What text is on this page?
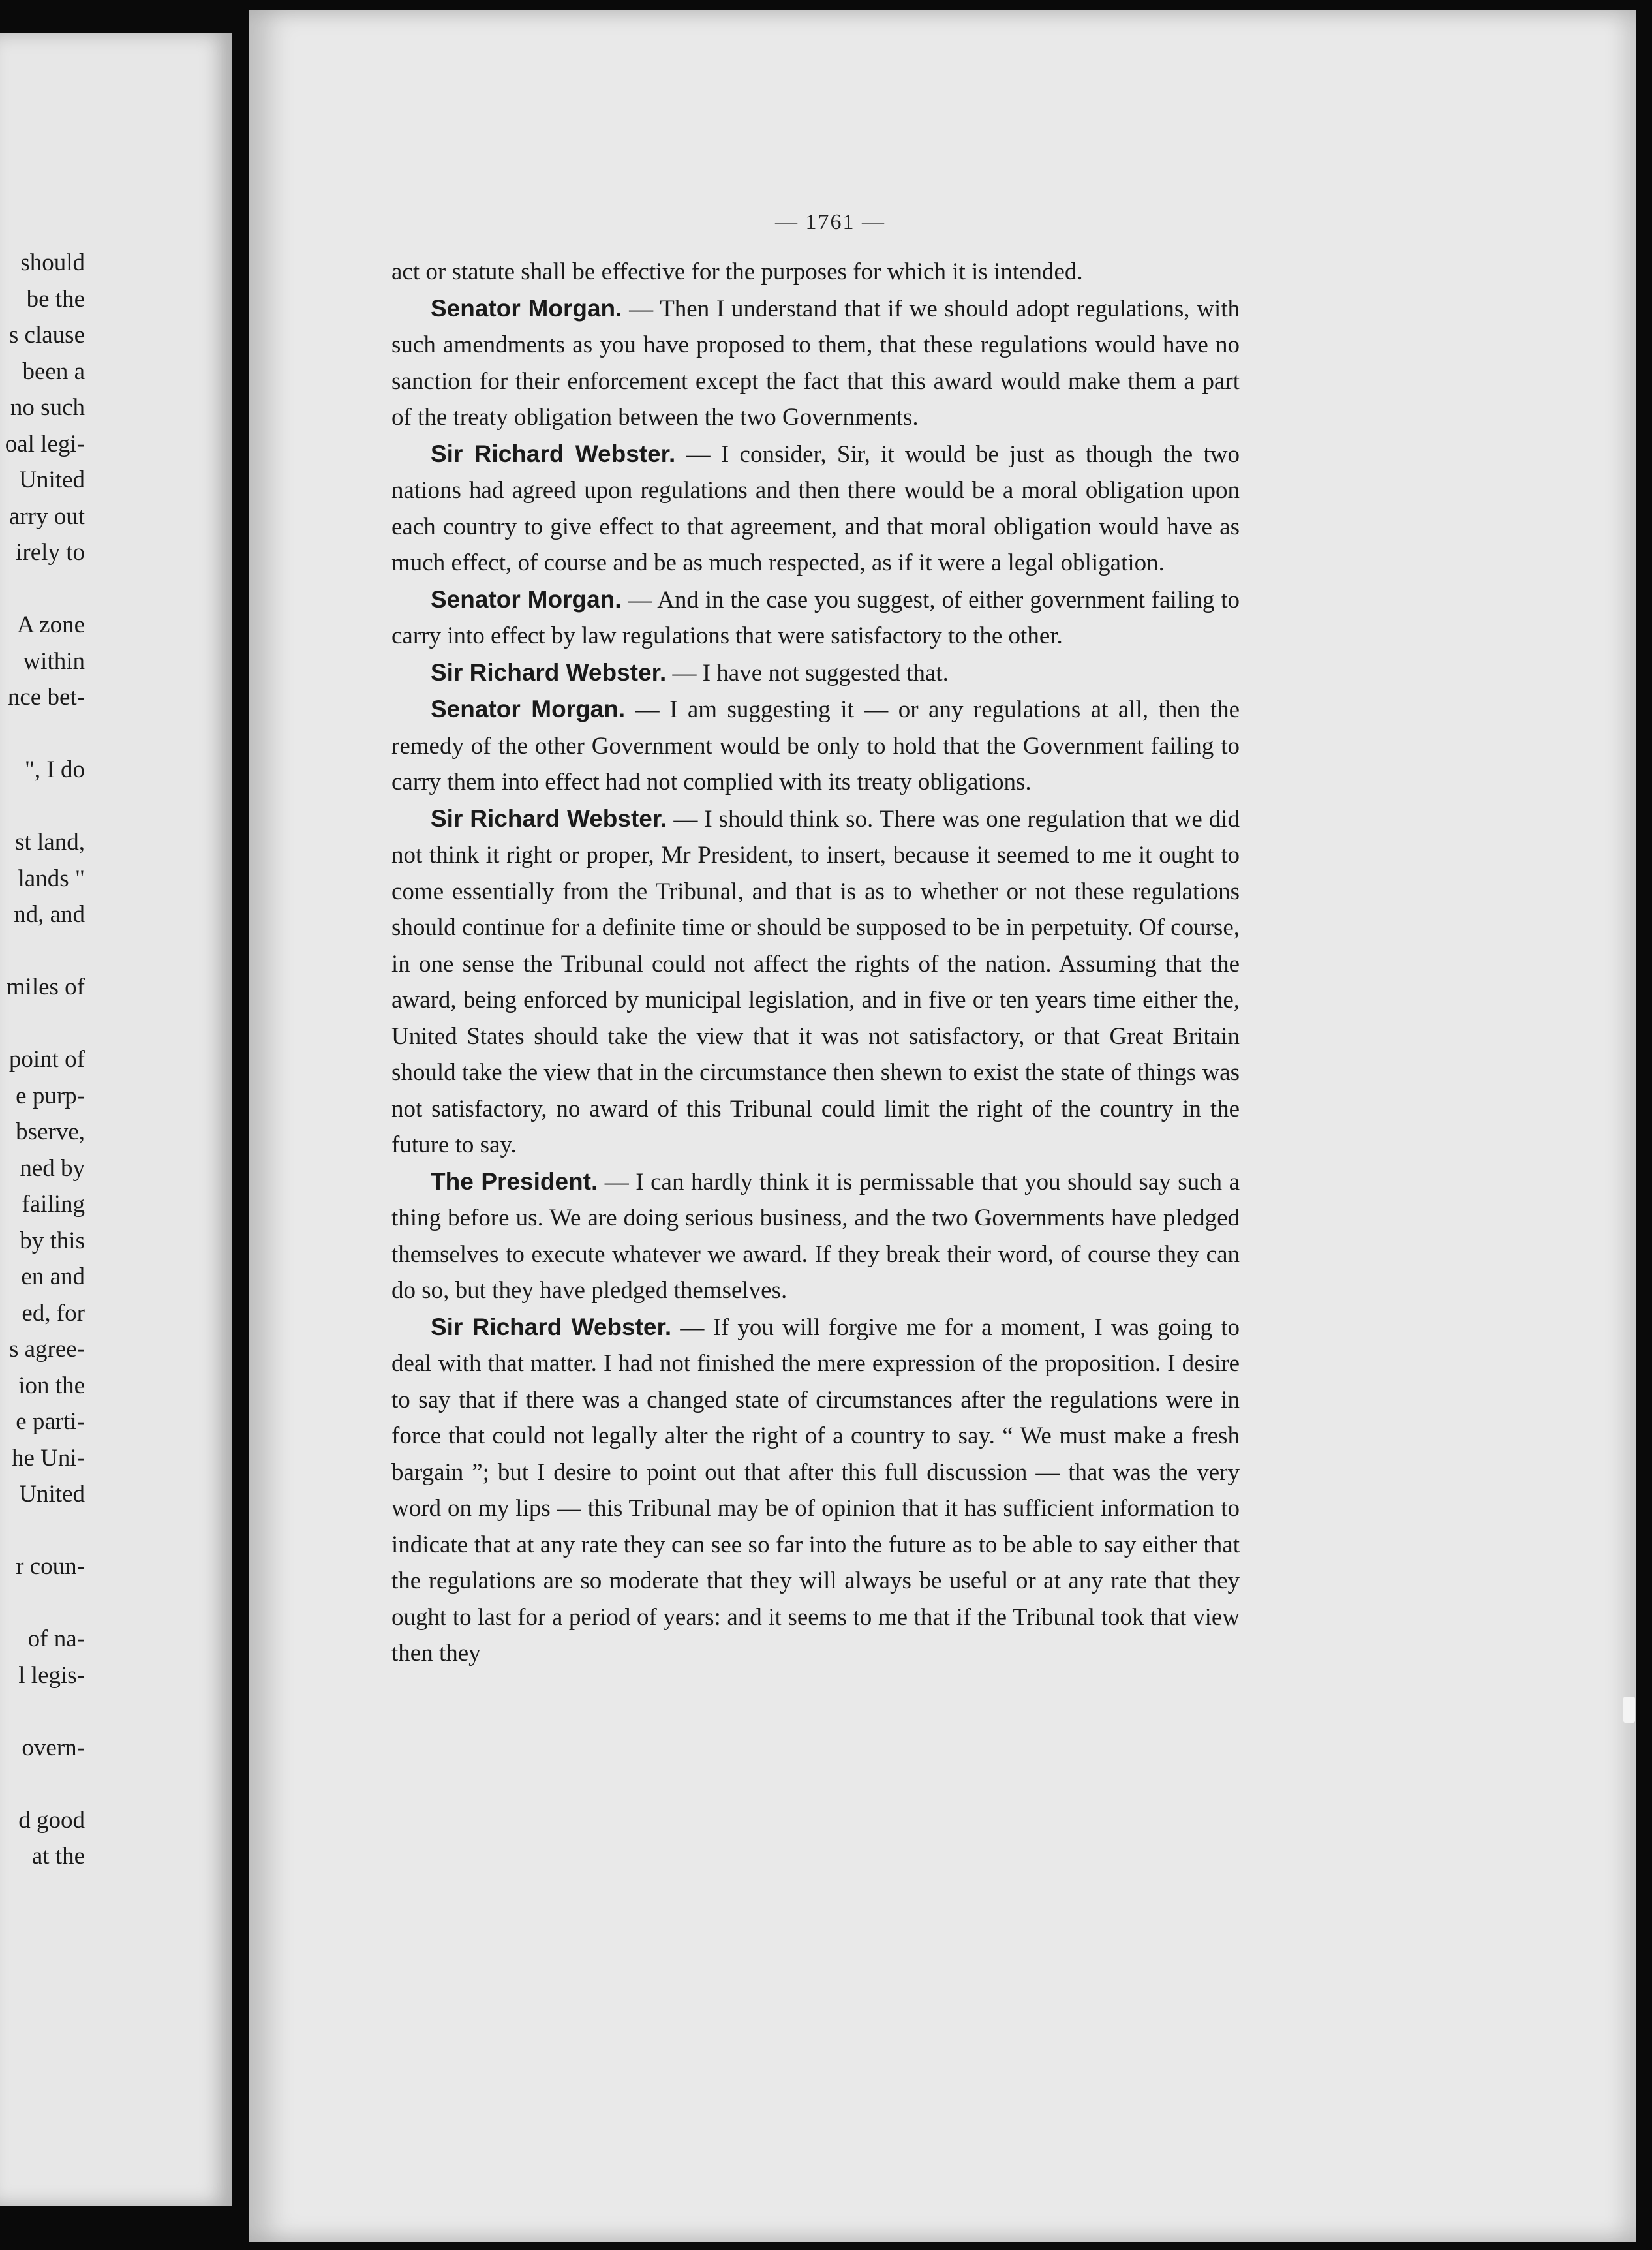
should
be the
s clause
been a
no such
oal legi-
United
arry out
irely to
A zone
within
nce bet-
", I do
st land,
lands "
nd, and
miles of
point of
e purp-
bserve,
ned by
failing
by this
en and
ed, for
s agree-
ion the
e parti-
he Uni-
United
r coun-
of na-
l legis-
overn-
d good
at the
— 1761 —

act or statute shall be effective for the purposes for which it is intended.

Senator Morgan. — Then I understand that if we should adopt regulations, with such amendments as you have proposed to them, that these regulations would have no sanction for their enforcement except the fact that this award would make them a part of the treaty obligation between the two Governments.

Sir Richard Webster. — I consider, Sir, it would be just as though the two nations had agreed upon regulations and then there would be a moral obligation upon each country to give effect to that agreement, and that moral obligation would have as much effect, of course and be as much respected, as if it were a legal obligation.

Senator Morgan. — And in the case you suggest, of either government failing to carry into effect by law regulations that were satisfactory to the other.

Sir Richard Webster. — I have not suggested that.

Senator Morgan. — I am suggesting it — or any regulations at all, then the remedy of the other Government would be only to hold that the Government failing to carry them into effect had not complied with its treaty obligations.

Sir Richard Webster. — I should think so. There was one regulation that we did not think it right or proper, Mr President, to insert, because it seemed to me it ought to come essentially from the Tribunal, and that is as to whether or not these regulations should continue for a definite time or should be supposed to be in perpetuity. Of course, in one sense the Tribunal could not affect the rights of the nation. Assuming that the award, being enforced by municipal legislation, and in five or ten years time either the, United States should take the view that it was not satisfactory, or that Great Britain should take the view that in the circumstance then shewn to exist the state of things was not satisfactory, no award of this Tribunal could limit the right of the country in the future to say.

The President. — I can hardly think it is permissable that you should say such a thing before us. We are doing serious business, and the two Governments have pledged themselves to execute whatever we award. If they break their word, of course they can do so, but they have pledged themselves.

Sir Richard Webster. — If you will forgive me for a moment, I was going to deal with that matter. I had not finished the mere expression of the proposition. I desire to say that if there was a changed state of circumstances after the regulations were in force that could not legally alter the right of a country to say. “ We must make a fresh bargain ”; but I desire to point out that after this full discussion — that was the very word on my lips — this Tribunal may be of opinion that it has sufficient information to indicate that at any rate they can see so far into the future as to be able to say either that the regulations are so moderate that they will always be useful or at any rate that they ought to last for a period of years: and it seems to me that if the Tribunal took that view then they
